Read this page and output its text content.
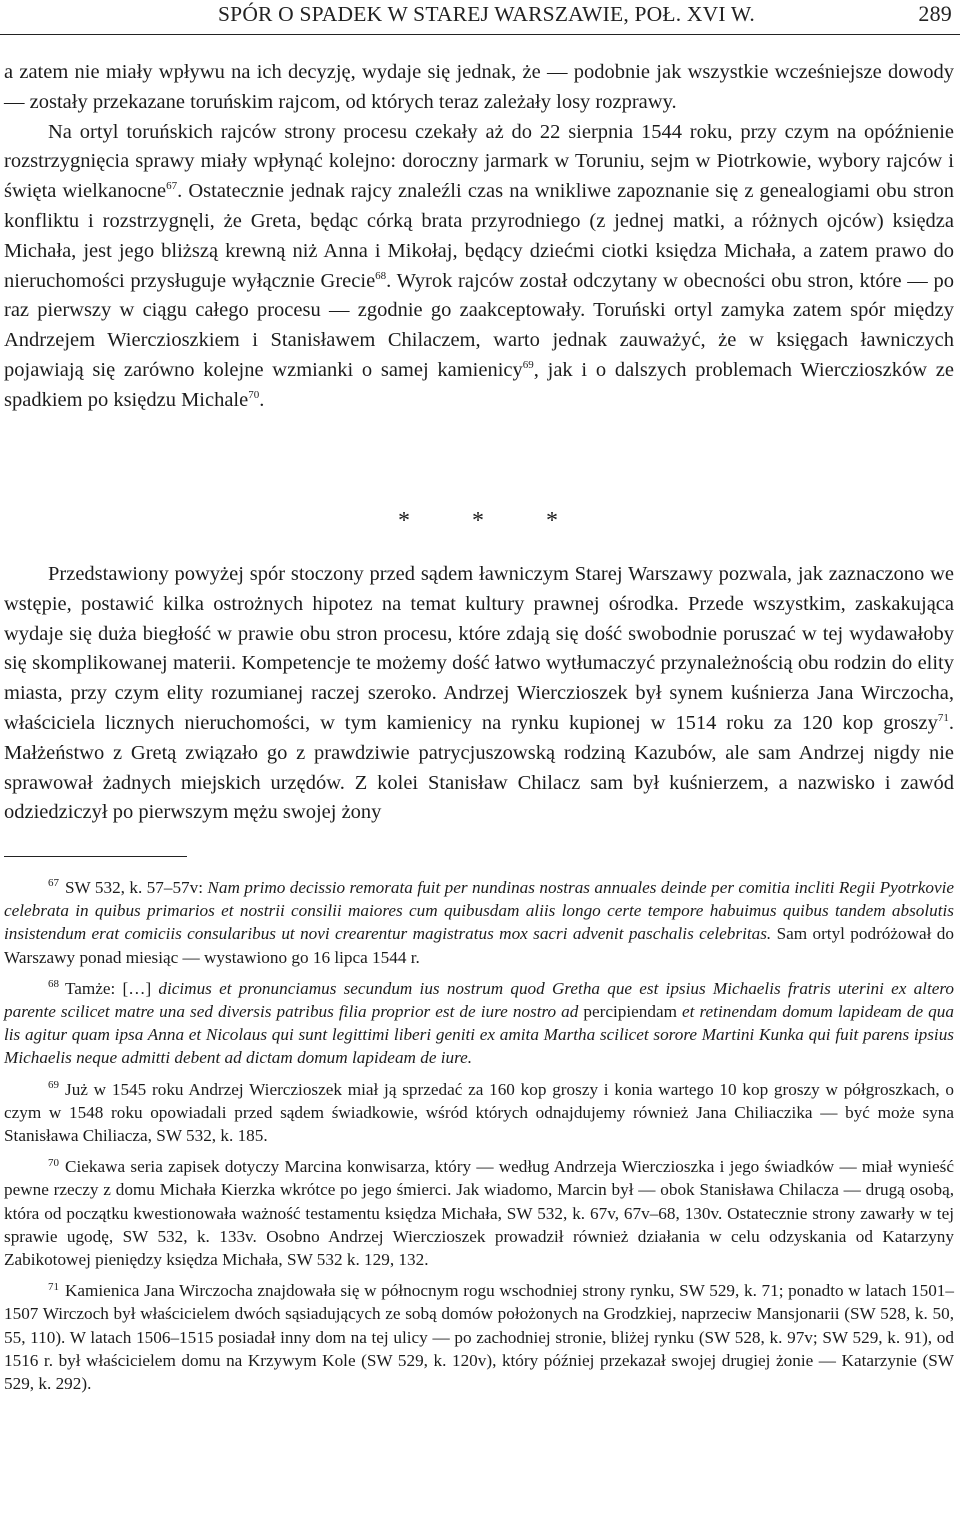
SPÓR O SPADEK W STAREJ WARSZAWIE, POŁ. XVI W.	289

a zatem nie miały wpływu na ich decyzję, wydaje się jednak, że — podobnie jak wszystkie wcześniejsze dowody — zostały przekazane toruńskim rajcom, od których teraz zależały losy rozprawy.

Na ortyl toruńskich rajców strony procesu czekały aż do 22 sierpnia 1544 roku, przy czym na opóźnienie rozstrzygnięcia sprawy miały wpłynąć kolejno: doroczny jarmark w Toruniu, sejm w Piotrkowie, wybory rajców i święta wielkanocne$^{67}$. Ostatecznie jednak rajcy znaleźli czas na wnikliwe zapoznanie się z genealogiami obu stron konfliktu i rozstrzygnęli, że Greta, będąc córką brata przyrodniego (z jednej matki, a różnych ojców) księdza Michała, jest jego bliższą krewną niż Anna i Mikołaj, będący dziećmi ciotki księdza Michała, a zatem prawo do nieruchomości przysługuje wyłącznie Grecie$^{68}$. Wyrok rajców został odczytany w obecności obu stron, które — po raz pierwszy w ciągu całego procesu — zgodnie go zaakceptowały. Toruński ortyl zamyka zatem spór między Andrzejem Wierczioszkiem i Stanisławem Chilaczem, warto jednak zauważyć, że w księgach ławniczych pojawiają się zarówno kolejne wzmianki o samej kamienicy$^{69}$, jak i o dalszych problemach Wierczioszków ze spadkiem po księdzu Michale$^{70}$.

* * *

Przedstawiony powyżej spór stoczony przed sądem ławniczym Starej Warszawy pozwala, jak zaznaczono we wstępie, postawić kilka ostrożnych hipotez na temat kultury prawnej ośrodka. Przede wszystkim, zaskakująca wydaje się duża biegłość w prawie obu stron procesu, które zdają się dość swobodnie poruszać w tej wydawałoby się skomplikowanej materii. Kompetencje te możemy dość łatwo wytłumaczyć przynależnością obu rodzin do elity miasta, przy czym elity rozumianej raczej szeroko. Andrzej Wierczioszek był synem kuśnierza Jana Wirczocha, właściciela licznych nieruchomości, w tym kamienicy na rynku kupionej w 1514 roku za 120 kop groszy$^{71}$. Małżeństwo z Gretą związało go z prawdziwie patrycjuszowską rodziną Kazubów, ale sam Andrzej nigdy nie sprawował żadnych miejskich urzędów. Z kolei Stanisław Chilacz sam był kuśnierzem, a nazwisko i zawód odziedziczył po pierwszym mężu swojej żony

$^{67}$ SW 532, k. 57–57v: Nam primo decissio remorata fuit per nundinas nostras annuales deinde per comitia incliti Regii Pyotrkovie celebrata in quibus primarios et nostrii consilii maiores cum quibusdam aliis longo certe tempore habuimus quibus tandem absolutis insistendum erat comiciis consularibus ut novi crearentur magistratus mox sacri advenit paschalis celebritas. Sam ortyl podróżował do Warszawy ponad miesiąc — wystawiono go 16 lipca 1544 r.

$^{68}$ Tamże: […] dicimus et pronunciamus secundum ius nostrum quod Gretha que est ipsius Michaelis fratris uterini ex altero parente scilicet matre una sed diversis patribus filia proprior est de iure nostro ad percipiendam et retinendam domum lapideam de qua lis agitur quam ipsa Anna et Nicolaus qui sunt legittimi liberi geniti ex amita Martha scilicet sorore Martini Kunka qui fuit parens ipsius Michaelis neque admitti debent ad dictam domum lapideam de iure.

$^{69}$ Już w 1545 roku Andrzej Wierczioszek miał ją sprzedać za 160 kop groszy i konia wartego 10 kop groszy w półgroszkach, o czym w 1548 roku opowiadali przed sądem świadkowie, wśród których odnajdujemy również Jana Chiliaczika — być może syna Stanisława Chiliacza, SW 532, k. 185.

$^{70}$ Ciekawa seria zapisek dotyczy Marcina konwisarza, który — według Andrzeja Wierczioszka i jego świadków — miał wynieść pewne rzeczy z domu Michała Kierzka wkrótce po jego śmierci. Jak wiadomo, Marcin był — obok Stanisława Chilacza — drugą osobą, która od początku kwestionowała ważność testamentu księdza Michała, SW 532, k. 67v, 67v–68, 130v. Ostatecznie strony zawarły w tej sprawie ugodę, SW 532, k. 133v. Osobno Andrzej Wierczioszek prowadził również działania w celu odzyskania od Katarzyny Zabikotowej pieniędzy księdza Michała, SW 532 k. 129, 132.

$^{71}$ Kamienica Jana Wirczocha znajdowała się w północnym rogu wschodniej strony rynku, SW 529, k. 71; ponadto w latach 1501–1507 Wirczoch był właścicielem dwóch sąsiadujących ze sobą domów położonych na Grodzkiej, naprzeciw Mansjonarii (SW 528, k. 50, 55, 110). W latach 1506–1515 posiadał inny dom na tej ulicy — po zachodniej stronie, bliżej rynku (SW 528, k. 97v; SW 529, k. 91), od 1516 r. był właścicielem domu na Krzywym Kole (SW 529, k. 120v), który później przekazał swojej drugiej żonie — Katarzynie (SW 529, k. 292).
